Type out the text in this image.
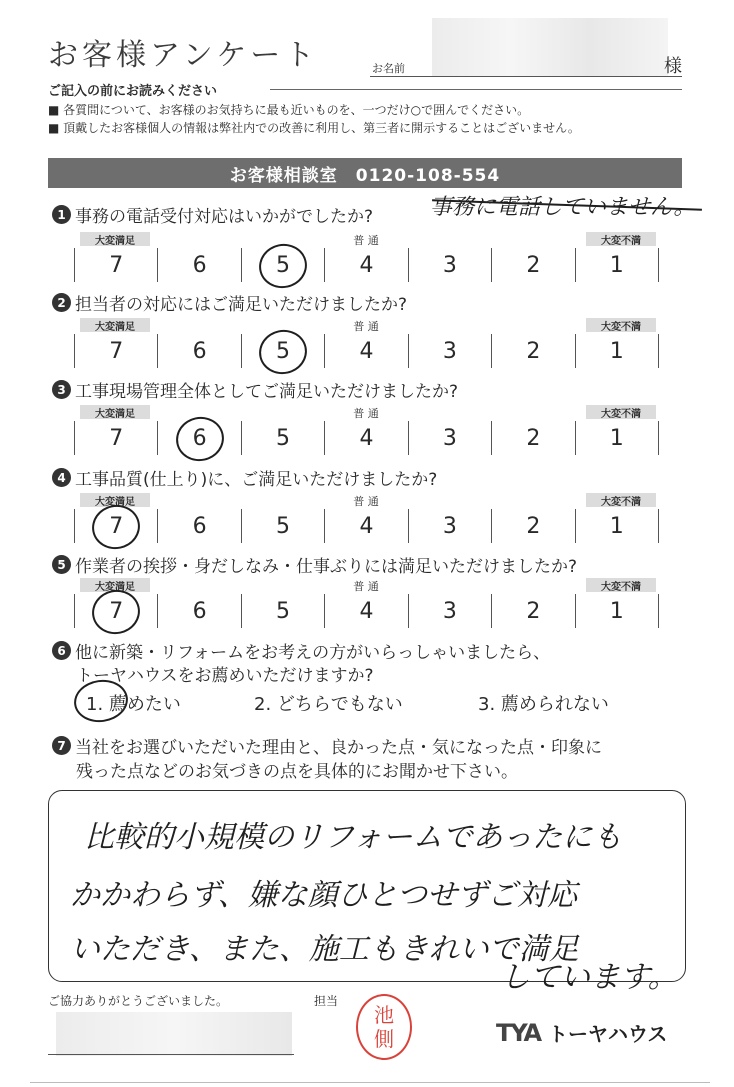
お客様アンケート	お名前	様
ご記入の前にお読みください
■ 各質問について、お客様のお気持ちに最も近いものを、一つだけ○で囲んでください。
■ 頂戴したお客様個人の情報は弊社内での改善に利用し、第三者に開示することはございません。
お客様相談室　0120-108-554
1 事務の電話受付対応はいかがでしたか?	事務に電話していません。
大変満足	普 通	大変不満
7	6	5	4	3	2	1
2 担当者の対応にはご満足いただけましたか?
大変満足	普 通	大変不満
7	6	5	4	3	2	1
3 工事現場管理全体としてご満足いただけましたか?
大変満足	普 通	大変不満
7	6	5	4	3	2	1
4 工事品質(仕上り)に、ご満足いただけましたか?
大変満足	普 通	大変不満
7	6	5	4	3	2	1
5 作業者の挨拶・身だしなみ・仕事ぶりには満足いただけましたか?
大変満足	普 通	大変不満
7	6	5	4	3	2	1
6 他に新築・リフォームをお考えの方がいらっしゃいましたら、
トーヤハウスをお薦めいただけますか?
1. 薦めたい	2. どちらでもない	3. 薦められない
7 当社をお選びいただいた理由と、良かった点・気になった点・印象に
残った点などのお気づきの点を具体的にお聞かせ下さい。
比較的小規模のリフォームであったにも
かかわらず、嫌な顔ひとつせずご対応
いただき、また、施工もきれいで満足
しています。
ご協力ありがとうございました。	担当
池
側	TYA トーヤハウス
